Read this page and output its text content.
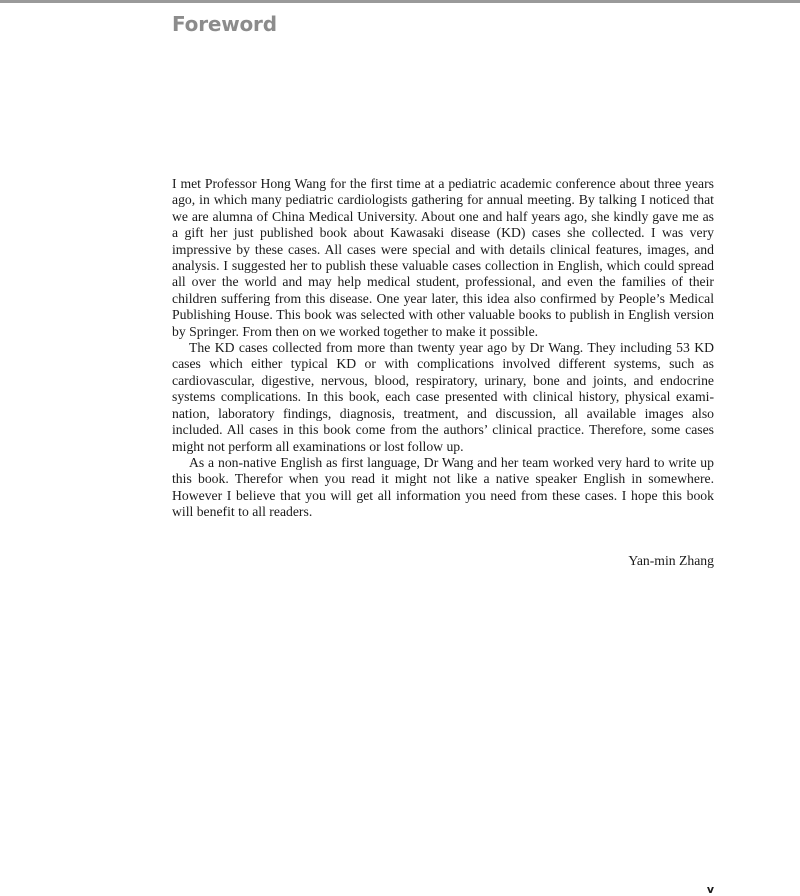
Foreword

I met Professor Hong Wang for the first time at a pediatric academic conference about three years ago, in which many pediatric cardiologists gathering for annual meeting. By talking I noticed that we are alumna of China Medical University. About one and half years ago, she kindly gave me as a gift her just published book about Kawasaki disease (KD) cases she collected. I was very impressive by these cases. All cases were special and with details clinical features, images, and analysis. I suggested her to publish these valuable cases collection in English, which could spread all over the world and may help medical student, professional, and even the families of their children suffering from this disease. One year later, this idea also confirmed by People’s Medical Publishing House. This book was selected with other valuable books to publish in English version by Springer. From then on we worked together to make it possible.

The KD cases collected from more than twenty year ago by Dr Wang. They including 53 KD cases which either typical KD or with complications involved different systems, such as cardiovascular, digestive, nervous, blood, respiratory, urinary, bone and joints, and endocrine systems complications. In this book, each case presented with clinical history, physical examination, laboratory findings, diagnosis, treatment, and discussion, all available images also included. All cases in this book come from the authors’ clinical practice. Therefore, some cases might not perform all examinations or lost follow up.

As a non-native English as first language, Dr Wang and her team worked very hard to write up this book. Therefor when you read it might not like a native speaker English in somewhere. However I believe that you will get all information you need from these cases. I hope this book will benefit to all readers.

Yan-min Zhang

v
